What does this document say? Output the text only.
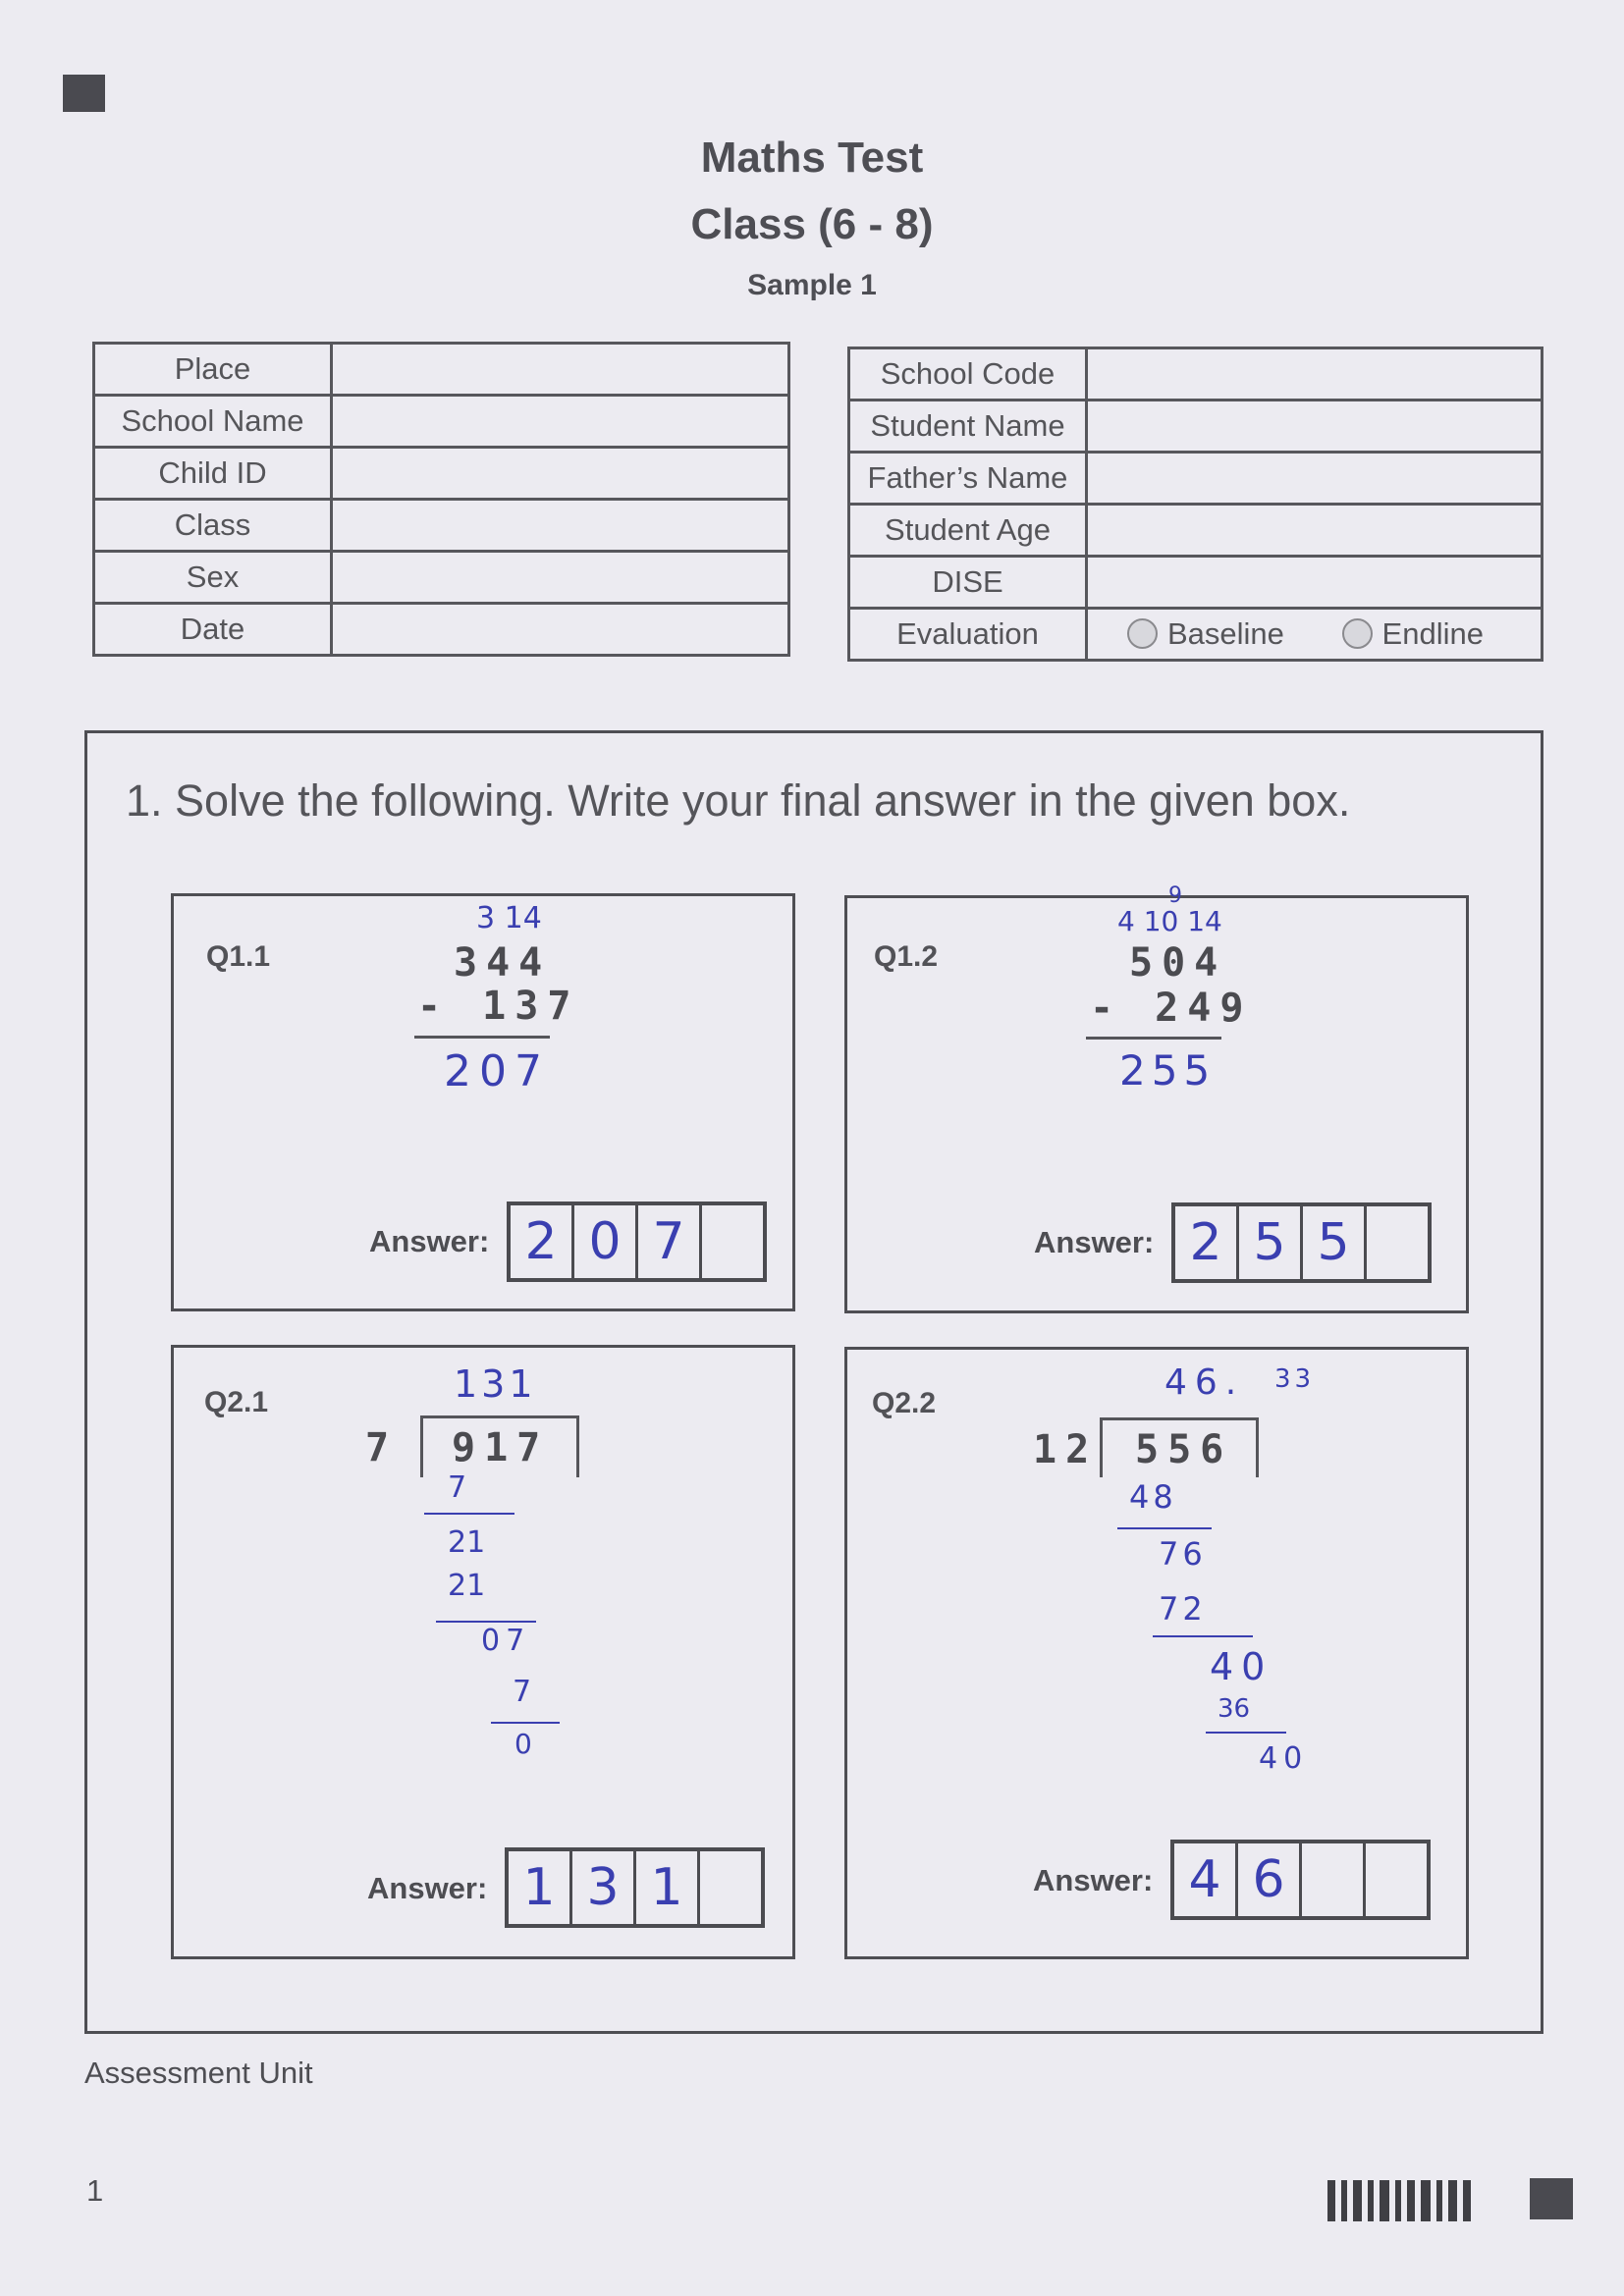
Maths Test
Class (6 - 8)
Sample 1
Place	
School Name	
Child ID	
Class	
Sex	
Date	
School Code	
Student Name	
Father’s Name	
Student Age	
DISE	
Evaluation	Baseline Endline
1. Solve the following. Write your final answer in the given box.
Q1.1
3 14
344
- 137
207
Answer: 2 0 7
Q1.2
9
4 10 14
504
- 249
255
Answer: 2 5 5
Q2.1	131
7 917
7
21
21
07
7
0
Answer: 1 3 1
Q2.2
46. 33
12 556
48
76
72
40
36
40
Answer: 4 6
Assessment Unit
1
